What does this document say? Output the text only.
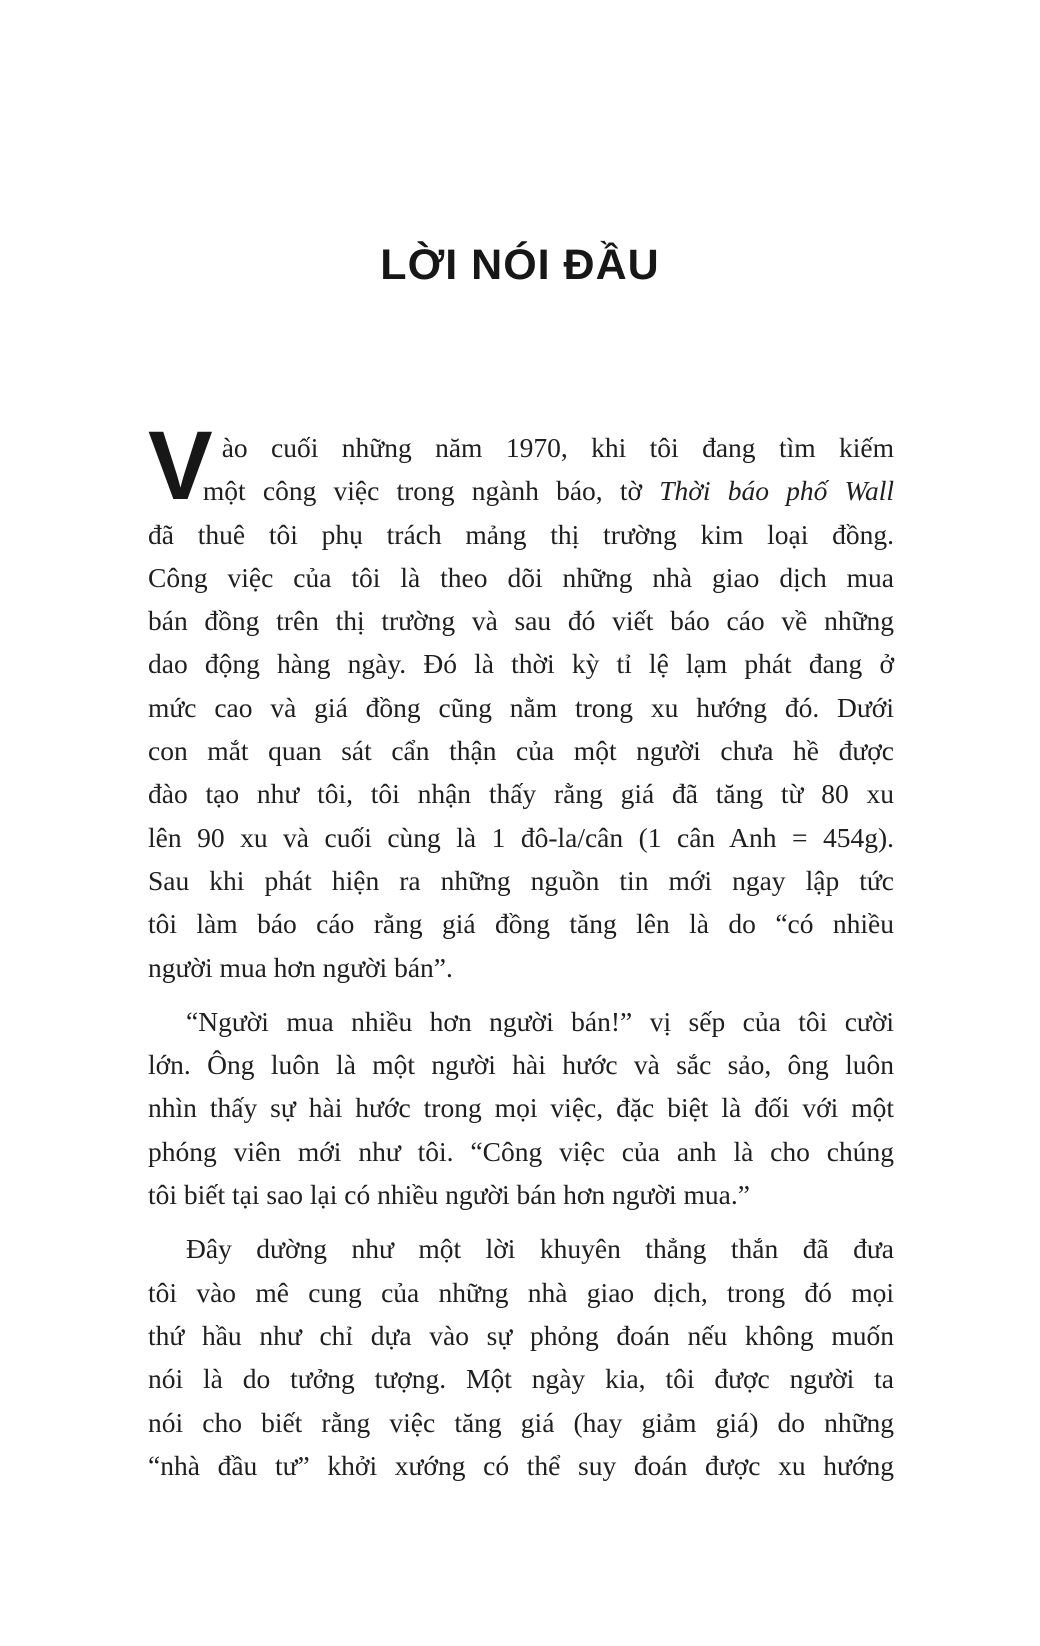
LỜI NÓI ĐẦU
V ào cuối những năm 1970, khi tôi đang tìm kiếm
một công việc trong ngành báo, tờ Thời báo phố Wall
đã thuê tôi phụ trách mảng thị trường kim loại đồng.
Công việc của tôi là theo dõi những nhà giao dịch mua
bán đồng trên thị trường và sau đó viết báo cáo về những
dao động hàng ngày. Đó là thời kỳ tỉ lệ lạm phát đang ở
mức cao và giá đồng cũng nằm trong xu hướng đó. Dưới
con mắt quan sát cẩn thận của một người chưa hề được
đào tạo như tôi, tôi nhận thấy rằng giá đã tăng từ 80 xu
lên 90 xu và cuối cùng là 1 đô-la/cân (1 cân Anh = 454g).
Sau khi phát hiện ra những nguồn tin mới ngay lập tức
tôi làm báo cáo rằng giá đồng tăng lên là do “có nhiều
người mua hơn người bán”.
“Người mua nhiều hơn người bán!” vị sếp của tôi cười
lớn. Ông luôn là một người hài hước và sắc sảo, ông luôn
nhìn thấy sự hài hước trong mọi việc, đặc biệt là đối với một
phóng viên mới như tôi. “Công việc của anh là cho chúng
tôi biết tại sao lại có nhiều người bán hơn người mua.”
Đây dường như một lời khuyên thẳng thắn đã đưa
tôi vào mê cung của những nhà giao dịch, trong đó mọi
thứ hầu như chỉ dựa vào sự phỏng đoán nếu không muốn
nói là do tưởng tượng. Một ngày kia, tôi được người ta
nói cho biết rằng việc tăng giá (hay giảm giá) do những
“nhà đầu tư” khởi xướng có thể suy đoán được xu hướng
